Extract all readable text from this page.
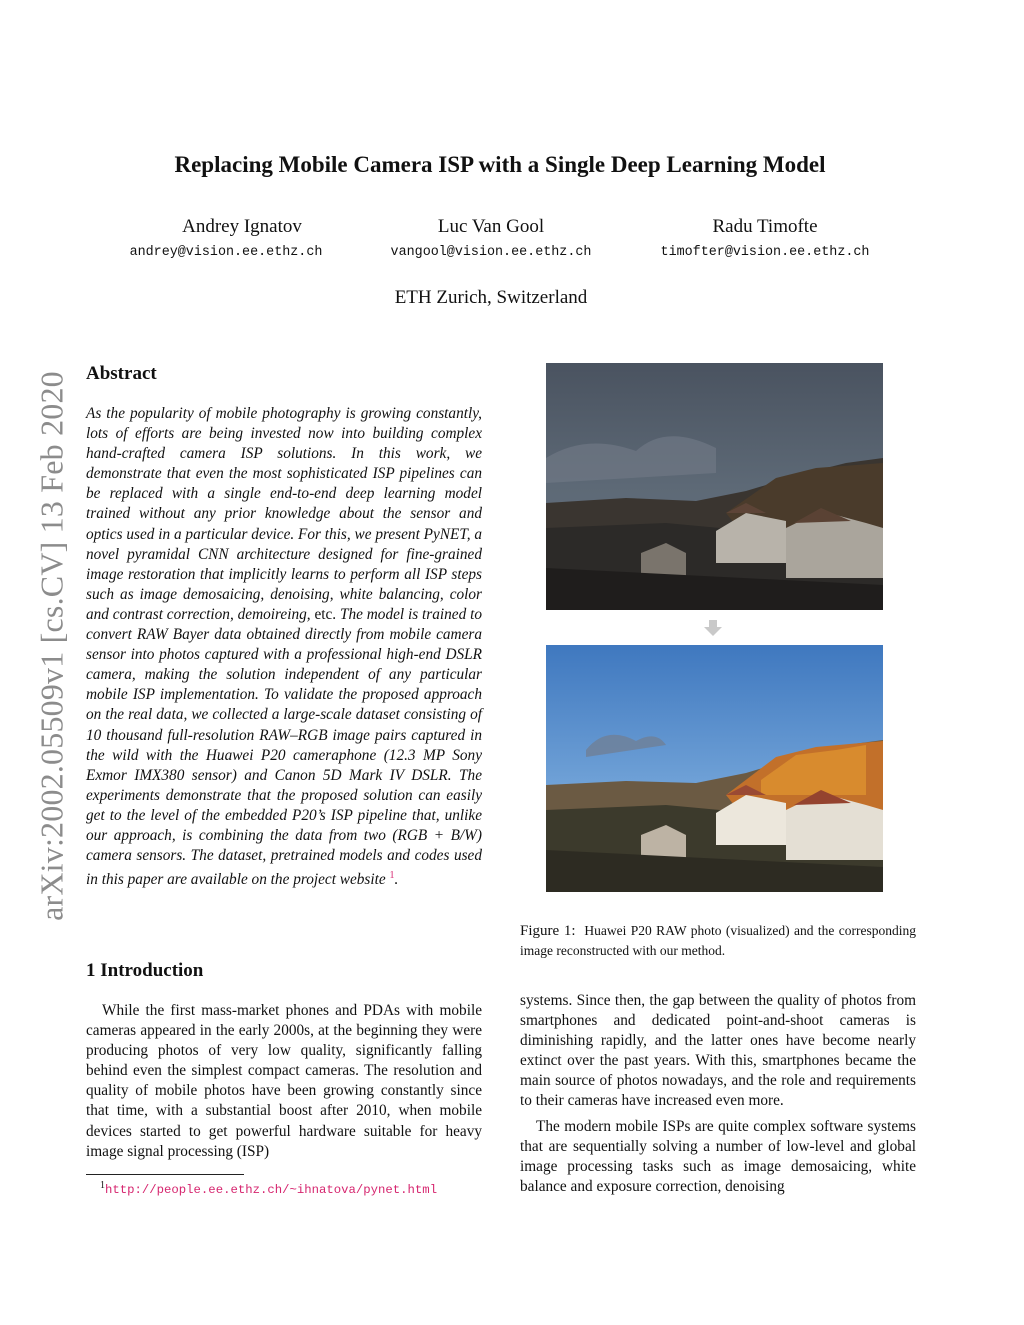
arXiv:2002.05509v1 [cs.CV] 13 Feb 2020
Replacing Mobile Camera ISP with a Single Deep Learning Model
Andrey Ignatov
andrey@vision.ee.ethz.ch
Luc Van Gool
vangool@vision.ee.ethz.ch
Radu Timofte
timofter@vision.ee.ethz.ch
ETH Zurich, Switzerland
Abstract

As the popularity of mobile photography is growing constantly, lots of efforts are being invested now into building complex hand-crafted camera ISP solutions. In this work, we demonstrate that even the most sophisticated ISP pipelines can be replaced with a single end-to-end deep learning model trained without any prior knowledge about the sensor and optics used in a particular device. For this, we present PyNET, a novel pyramidal CNN architecture designed for fine-grained image restoration that implicitly learns to perform all ISP steps such as image demosaicing, denoising, white balancing, color and contrast correction, demoireing, etc. The model is trained to convert RAW Bayer data obtained directly from mobile camera sensor into photos captured with a professional high-end DSLR camera, making the solution independent of any particular mobile ISP implementation. To validate the proposed approach on the real data, we collected a large-scale dataset consisting of 10 thousand full-resolution RAW–RGB image pairs captured in the wild with the Huawei P20 cameraphone (12.3 MP Sony Exmor IMX380 sensor) and Canon 5D Mark IV DSLR. The experiments demonstrate that the proposed solution can easily get to the level of the embedded P20’s ISP pipeline that, unlike our approach, is combining the data from two (RGB + B/W) camera sensors. The dataset, pretrained models and codes used in this paper are available on the project website $^1$.

1 Introduction

While the first mass-market phones and PDAs with mobile cameras appeared in the early 2000s, at the beginning they were producing photos of very low quality, significantly falling behind even the simplest compact cameras. The resolution and quality of mobile photos have been growing constantly since that time, with a substantial boost after 2010, when mobile devices started to get powerful hardware suitable for heavy image signal processing (ISP)

$^1$http://people.ee.ethz.ch/~ihnatova/pynet.html
Figure 1: Huawei P20 RAW photo (visualized) and the corresponding image reconstructed with our method.

systems. Since then, the gap between the quality of photos from smartphones and dedicated point-and-shoot cameras is diminishing rapidly, and the latter ones have become nearly extinct over the past years. With this, smartphones became the main source of photos nowadays, and the role and requirements to their cameras have increased even more.

The modern mobile ISPs are quite complex software systems that are sequentially solving a number of low-level and global image processing tasks such as image demosaicing, white balance and exposure correction, denoising
